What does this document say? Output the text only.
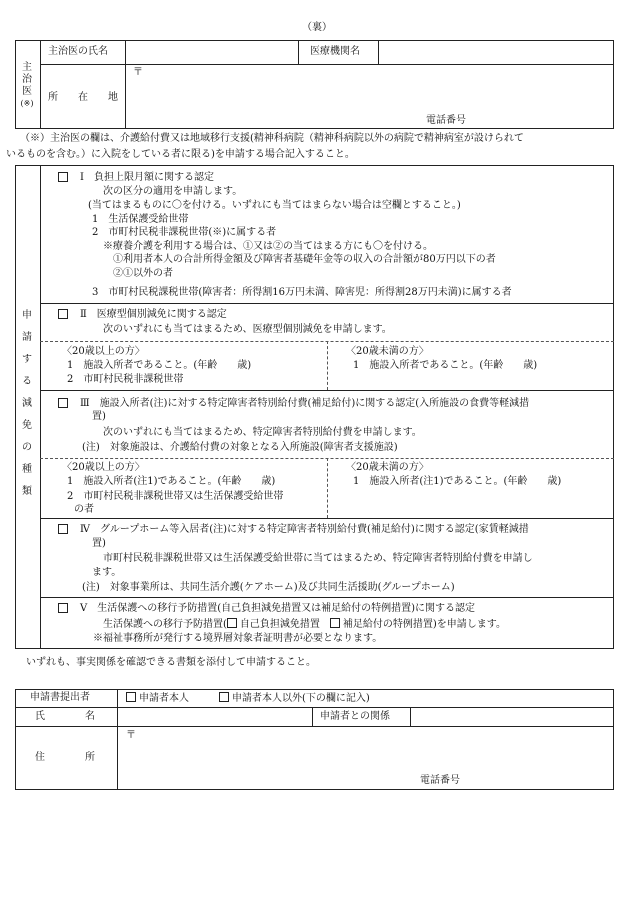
（裏）
主
治
医
(※)
主治医の氏名	医療機関名
所　　在　　地
〒
電話番号
（※）主治医の欄は、介護給付費又は地域移行支援(精神科病院（精神科病院以外の病院で精神病室が設けられて
いるものを含む。）に入院をしている者に限る)を申請する場合記入すること。
申
請
す
る
減
免
の
種
類
Ⅰ　負担上限月額に関する認定
次の区分の適用を申請します。
(当てはまるものに〇を付ける。いずれにも当てはまらない場合は空欄とすること。)
1　生活保護受給世帯
2　市町村民税非課税世帯(※)に属する者
※療養介護を利用する場合は、①又は②の当てはまる方にも〇を付ける。
①利用者本人の合計所得金額及び障害者基礎年金等の収入の合計額が80万円以下の者
②①以外の者
3　市町村民税課税世帯(障害者：所得割16万円未満、障害児：所得割28万円未満)に属する者
Ⅱ　医療型個別減免に関する認定
次のいずれにも当てはまるため、医療型個別減免を申請します。
〈20歳以上の方〉
1　施設入所者であること。(年齢　　歳)
2　市町村民税非課税世帯
〈20歳未満の方〉
1　施設入所者であること。(年齢　　歳)
Ⅲ　施設入所者(注)に対する特定障害者特別給付費(補足給付)に関する認定(入所施設の食費等軽減措
置)
次のいずれにも当てはまるため、特定障害者特別給付費を申請します。
(注)　対象施設は、介護給付費の対象となる入所施設(障害者支援施設)
〈20歳以上の方〉
1　施設入所者(注1)であること。(年齢　　歳)
2　市町村民税非課税世帯又は生活保護受給世帯
の者
〈20歳未満の方〉
1　施設入所者(注1)であること。(年齢　　歳)
Ⅳ　グループホーム等入居者(注)に対する特定障害者特別給付費(補足給付)に関する認定(家賃軽減措
置)
市町村民税非課税世帯又は生活保護受給世帯に当てはまるため、特定障害者特別給付費を申請し
ます。
(注)　対象事業所は、共同生活介護(ケアホーム)及び共同生活援助(グループホーム)
Ⅴ　生活保護への移行予防措置(自己負担減免措置又は補足給付の特例措置)に関する認定
生活保護への移行予防措置( 自己負担減免措置　 補足給付の特例措置)を申請します。
※福祉事務所が発行する境界層対象者証明書が必要となります。
いずれも、事実関係を確認できる書類を添付して申請すること。
申請書提出者	申請者本人	申請者本人以外(下の欄に記入)
氏　　　　名	申請者との関係
住　　　　所
〒
電話番号
